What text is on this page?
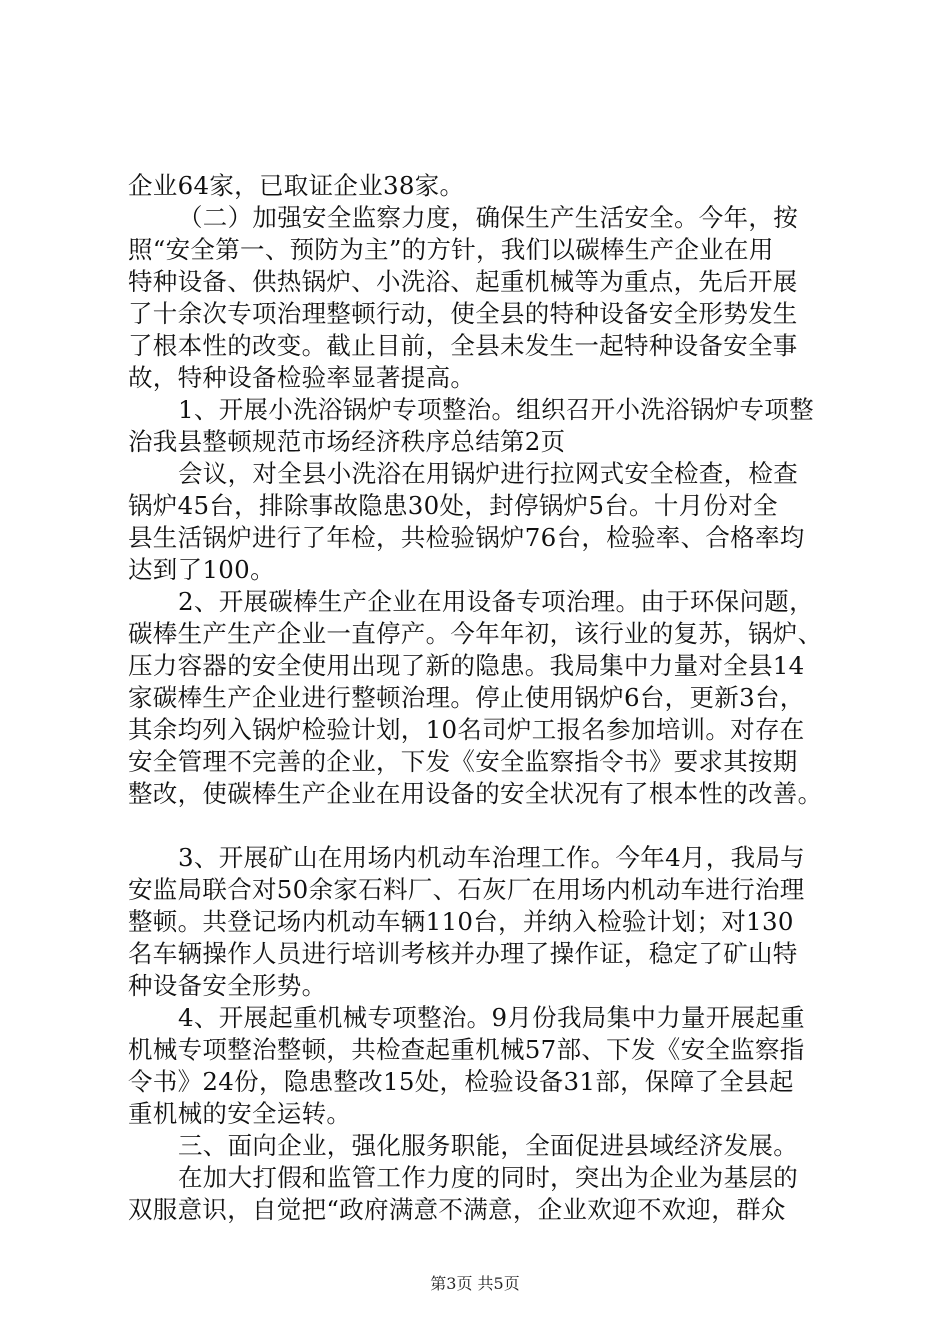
企业64家，已取证企业38家。
（二）加强安全监察力度，确保生产生活安全。今年，按
照“安全第一、预防为主”的方针，我们以碳棒生产企业在用
特种设备、供热锅炉、小洗浴、起重机械等为重点，先后开展
了十余次专项治理整顿行动，使全县的特种设备安全形势发生
了根本性的改变。截止目前，全县未发生一起特种设备安全事
故，特种设备检验率显著提高。
1、开展小洗浴锅炉专项整治。组织召开小洗浴锅炉专项整
治我县整顿规范市场经济秩序总结第2页
会议，对全县小洗浴在用锅炉进行拉网式安全检查，检查
锅炉45台，排除事故隐患30处，封停锅炉5台。十月份对全
县生活锅炉进行了年检，共检验锅炉76台，检验率、合格率均
达到了100。
2、开展碳棒生产企业在用设备专项治理。由于环保问题，
碳棒生产生产企业一直停产。今年年初，该行业的复苏，锅炉、
压力容器的安全使用出现了新的隐患。我局集中力量对全县14
家碳棒生产企业进行整顿治理。停止使用锅炉6台，更新3台，
其余均列入锅炉检验计划，10名司炉工报名参加培训。对存在
安全管理不完善的企业，下发《安全监察指令书》要求其按期
整改，使碳棒生产企业在用设备的安全状况有了根本性的改善。
3、开展矿山在用场内机动车治理工作。今年4月，我局与
安监局联合对50余家石料厂、石灰厂在用场内机动车进行治理
整顿。共登记场内机动车辆110台，并纳入检验计划；对130
名车辆操作人员进行培训考核并办理了操作证，稳定了矿山特
种设备安全形势。
4、开展起重机械专项整治。9月份我局集中力量开展起重
机械专项整治整顿，共检查起重机械57部、下发《安全监察指
令书》24份，隐患整改15处，检验设备31部，保障了全县起
重机械的安全运转。
三、面向企业，强化服务职能，全面促进县域经济发展。
在加大打假和监管工作力度的同时，突出为企业为基层的
双服意识，自觉把“政府满意不满意，企业欢迎不欢迎，群众
第3页 共5页
